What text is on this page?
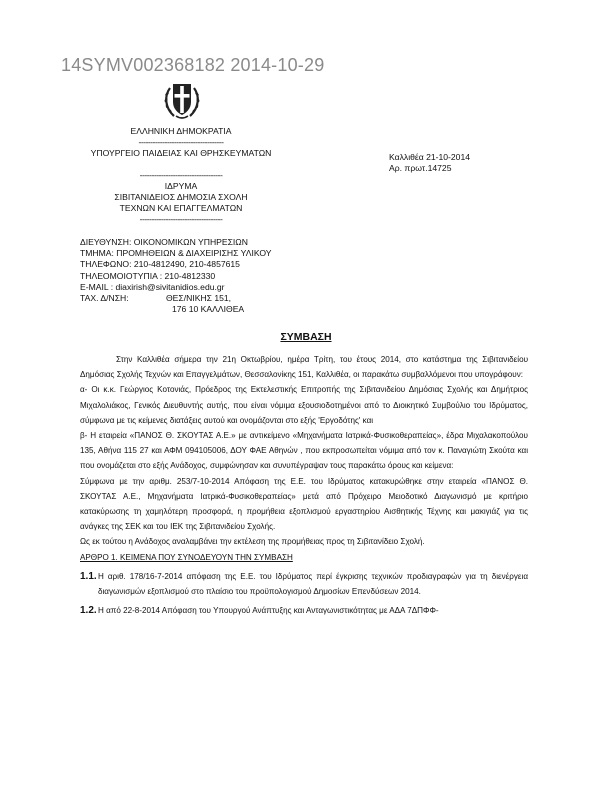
14SYMV002368182 2014-10-29
ΕΛΛΗΝΙΚΗ ΔΗΜΟΚΡΑΤΙΑ
------------------------------------
ΥΠΟΥΡΓΕΙΟ ΠΑΙΔΕΙΑΣ ΚΑΙ ΘΡΗΣΚΕΥΜΑΤΩΝ
-----------------------------------
ΙΔΡΥΜΑ
ΣΙΒΙΤΑΝΙΔΕΙΟΣ ΔΗΜΟΣΙΑ ΣΧΟΛΗ
ΤΕΧΝΩΝ ΚΑΙ ΕΠΑΓΓΕΛΜΑΤΩΝ
-----------------------------------
Καλλιθέα 21-10-2014
Αρ. πρωτ.14725
ΔΙΕΥΘΥΝΣΗ: ΟΙΚΟΝΟΜΙΚΩΝ ΥΠΗΡΕΣΙΩΝ
ΤΜΗΜΑ: ΠΡΟΜΗΘΕΙΩΝ & ΔΙΑΧΕΙΡΙΣΗΣ ΥΛΙΚΟΥ
ΤΗΛΕΦΩΝΟ: 210-4812490, 210-4857615
ΤΗΛΕΟΜΟΙΟΤΥΠΙΑ : 210-4812330
E-MAIL : diaxirish@sivitanidios.edu.gr
ΤΑΧ. Δ/ΝΣΗ:	ΘΕΣ/ΝΙΚΗΣ 151,
176 10 ΚΑΛΛΙΘΕΑ
ΣΥΜΒΑΣΗ

Στην Καλλιθέα σήμερα την 21η Οκτωβρίου, ημέρα Τρίτη, του έτους 2014, στο κατάστημα της Σιβιτανιδείου Δημόσιας Σχολής Τεχνών και Επαγγελμάτων, Θεσσαλονίκης 151, Καλλιθέα, οι παρακάτω συμβαλλόμενοι που υπογράφουν:

α- Οι κ.κ. Γεώργιος Κοτονιάς, Πρόεδρος της Εκτελεστικής Επιτροπής της Σιβιτανιδείου Δημόσιας Σχολής και Δημήτριος Μιχαλολιάκος, Γενικός Διευθυντής αυτής, που είναι νόμιμα εξουσιοδοτημένοι από το Διοικητικό Συμβούλιο του Ιδρύματος, σύμφωνα με τις κείμενες διατάξεις αυτού και ονομάζονται στο εξής 'Εργοδότης' και

β- Η εταιρεία «ΠΑΝΟΣ Θ. ΣΚΟΥΤΑΣ Α.Ε.» με αντικείμενο «Μηχανήματα Ιατρικά-Φυσικοθεραπείας», έδρα Μιχαλακοπούλου 135, Αθήνα 115 27 και ΑΦΜ 094105006, ΔΟΥ ΦΑΕ Αθηνών , που εκπροσωπείται νόμιμα από τον κ. Παναγιώτη Σκούτα και που ονομάζεται στο εξής Ανάδοχος, συμφώνησαν και συνυπέγραψαν τους παρακάτω όρους και κείμενα:

Σύμφωνα με την αριθμ. 253/7-10-2014 Απόφαση της Ε.Ε. του Ιδρύματος κατακυρώθηκε στην εταιρεία «ΠΑΝΟΣ Θ. ΣΚΟΥΤΑΣ Α.Ε., Μηχανήματα Ιατρικά-Φυσικοθεραπείας» μετά από Πρόχειρο Μειοδοτικό Διαγωνισμό με κριτήριο κατακύρωσης τη χαμηλότερη προσφορά, η προμήθεια εξοπλισμού εργαστηρίου Αισθητικής Τέχνης και μακιγιάζ για τις ανάγκες της ΣΕΚ και του ΙΕΚ της Σιβιτανιδείου Σχολής.

Ως εκ τούτου η Ανάδοχος αναλαμβάνει την εκτέλεση της προμήθειας προς τη Σιβιτανίδειο Σχολή.

ΑΡΘΡΟ 1. ΚΕΙΜΕΝΑ ΠΟΥ ΣΥΝΟΔΕΥΟΥΝ ΤΗΝ ΣΥΜΒΑΣΗ

1.1. Η αριθ. 178/16-7-2014 απόφαση της Ε.Ε. του Ιδρύματος περί έγκρισης τεχνικών προδιαγραφών για τη διενέργεια διαγωνισμών εξοπλισμού στο πλαίσιο του προϋπολογισμού Δημοσίων Επενδύσεων 2014.
1.2. Η από 22-8-2014 Απόφαση του Υπουργού Ανάπτυξης και Ανταγωνιστικότητας με ΑΔΑ 7ΔΠΦΦ-
